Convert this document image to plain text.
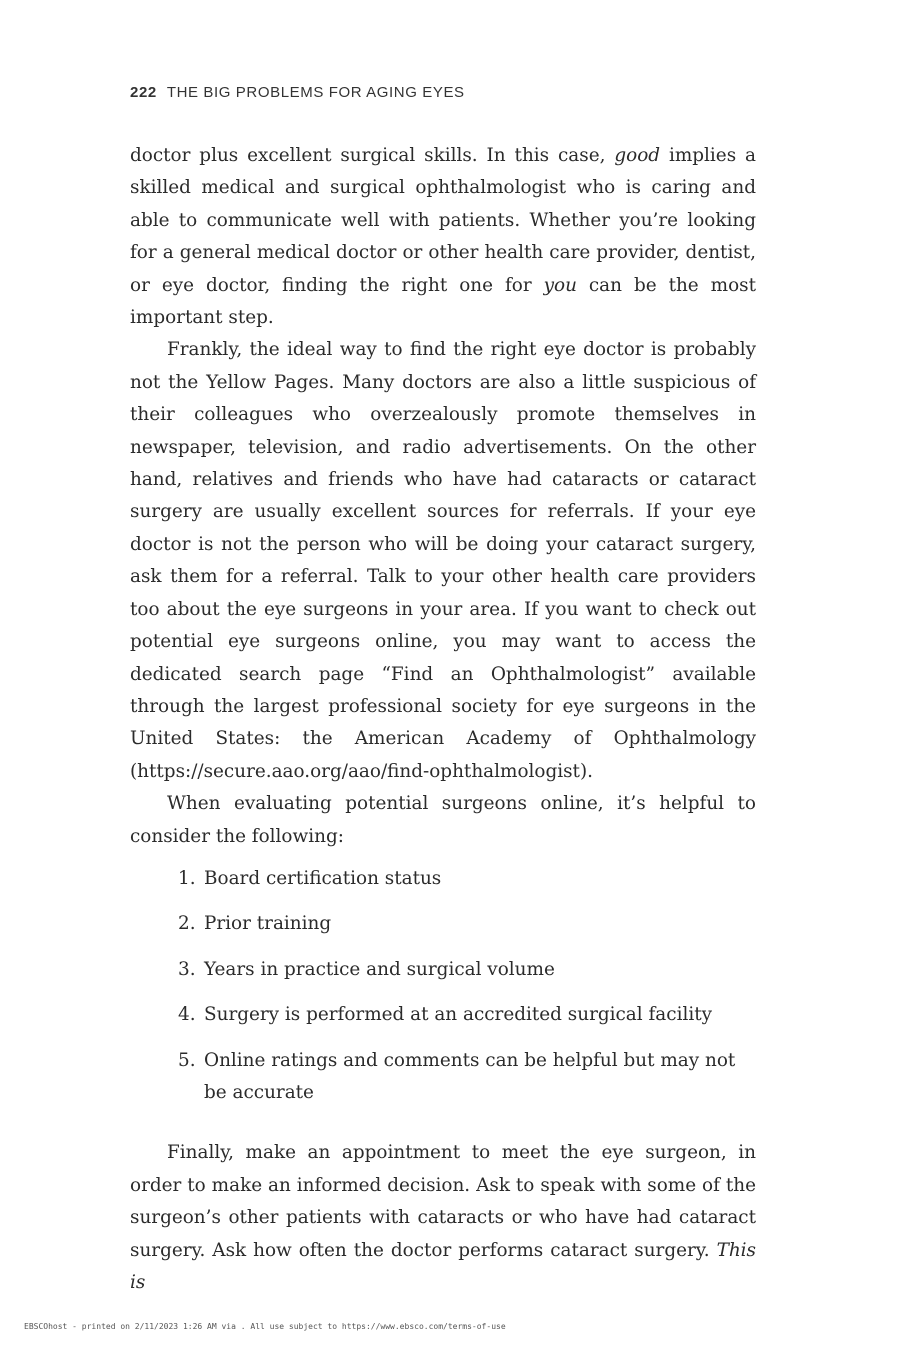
222 THE BIG PROBLEMS FOR AGING EYES

doctor plus excellent surgical skills. In this case, good implies a skilled medical and surgical ophthalmologist who is caring and able to communicate well with patients. Whether you’re looking for a general medical doctor or other health care provider, dentist, or eye doctor, finding the right one for you can be the most important step.

Frankly, the ideal way to find the right eye doctor is probably not the Yellow Pages. Many doctors are also a little suspicious of their colleagues who overzealously promote themselves in newspaper, television, and radio advertisements. On the other hand, relatives and friends who have had cataracts or cataract surgery are usually excellent sources for referrals. If your eye doctor is not the person who will be doing your cataract surgery, ask them for a referral. Talk to your other health care providers too about the eye surgeons in your area. If you want to check out potential eye surgeons online, you may want to access the dedicated search page “Find an Ophthalmologist” available through the largest professional society for eye surgeons in the United States: the American Academy of Ophthalmology (https://secure.aao.org/aao/find-ophthalmologist).

When evaluating potential surgeons online, it’s helpful to consider the following:

1. Board certification status
2. Prior training
3. Years in practice and surgical volume
4. Surgery is performed at an accredited surgical facility
5. Online ratings and comments can be helpful but may not be accurate

Finally, make an appointment to meet the eye surgeon, in order to make an informed decision. Ask to speak with some of the surgeon’s other patients with cataracts or who have had cataract surgery. Ask how often the doctor performs cataract surgery. This is

EBSCOhost - printed on 2/11/2023 1:26 AM via . All use subject to https://www.ebsco.com/terms-of-use
